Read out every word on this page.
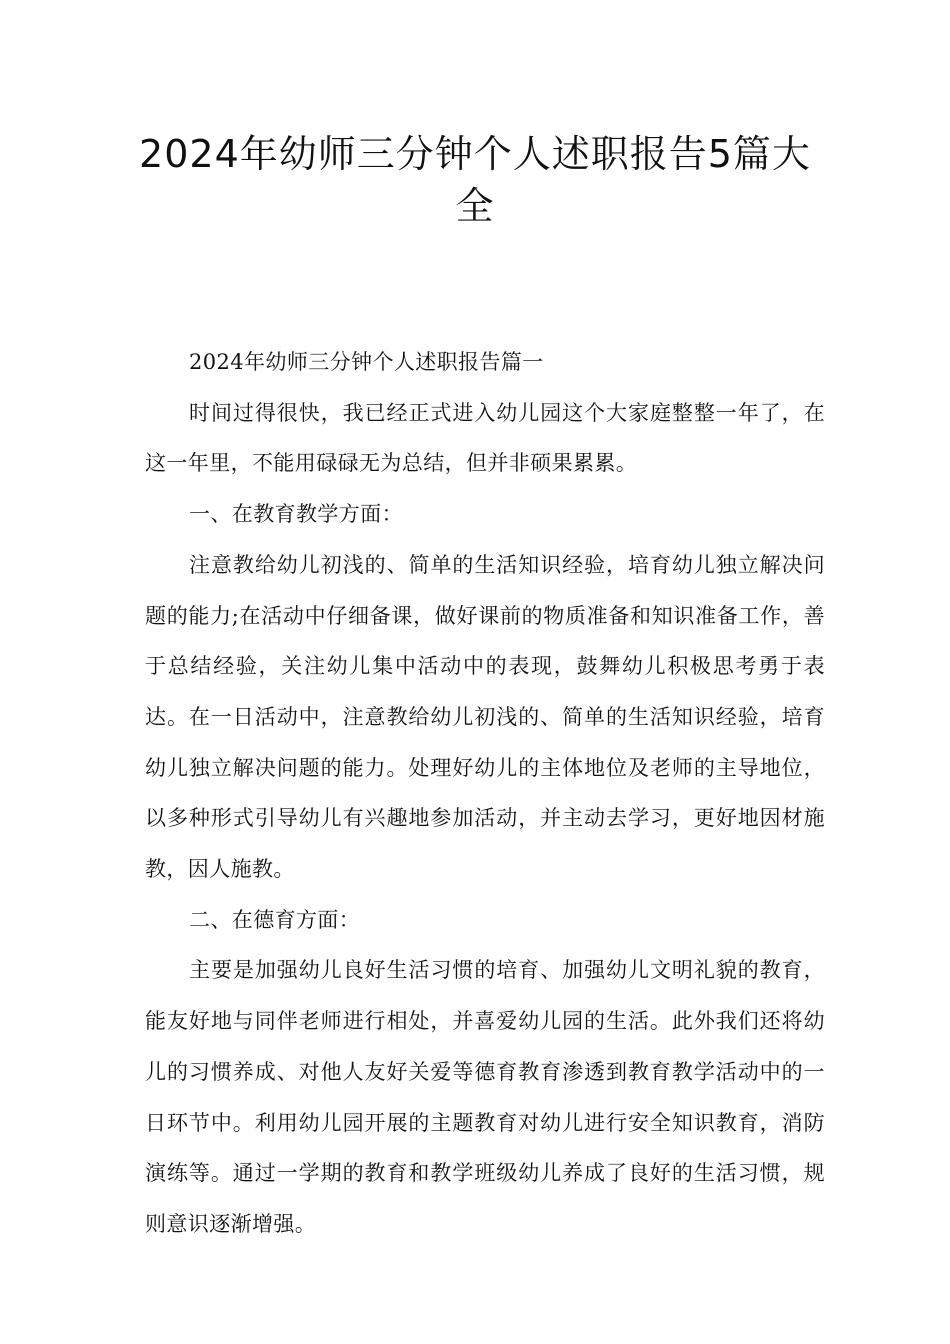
2024年幼师三分钟个人述职报告5篇大全

2024年幼师三分钟个人述职报告篇一

时间过得很快，我已经正式进入幼儿园这个大家庭整整一年了，在这一年里，不能用碌碌无为总结，但并非硕果累累。

一、在教育教学方面：

注意教给幼儿初浅的、简单的生活知识经验，培育幼儿独立解决问题的能力;在活动中仔细备课，做好课前的物质准备和知识准备工作，善于总结经验，关注幼儿集中活动中的表现，鼓舞幼儿积极思考勇于表达。在一日活动中，注意教给幼儿初浅的、简单的生活知识经验，培育幼儿独立解决问题的能力。处理好幼儿的主体地位及老师的主导地位，以多种形式引导幼儿有兴趣地参加活动，并主动去学习，更好地因材施教，因人施教。

二、在德育方面：

主要是加强幼儿良好生活习惯的培育、加强幼儿文明礼貌的教育，能友好地与同伴老师进行相处，并喜爱幼儿园的生活。此外我们还将幼儿的习惯养成、对他人友好关爱等德育教育渗透到教育教学活动中的一日环节中。利用幼儿园开展的主题教育对幼儿进行安全知识教育，消防演练等。通过一学期的教育和教学班级幼儿养成了良好的生活习惯，规则意识逐渐增强。
